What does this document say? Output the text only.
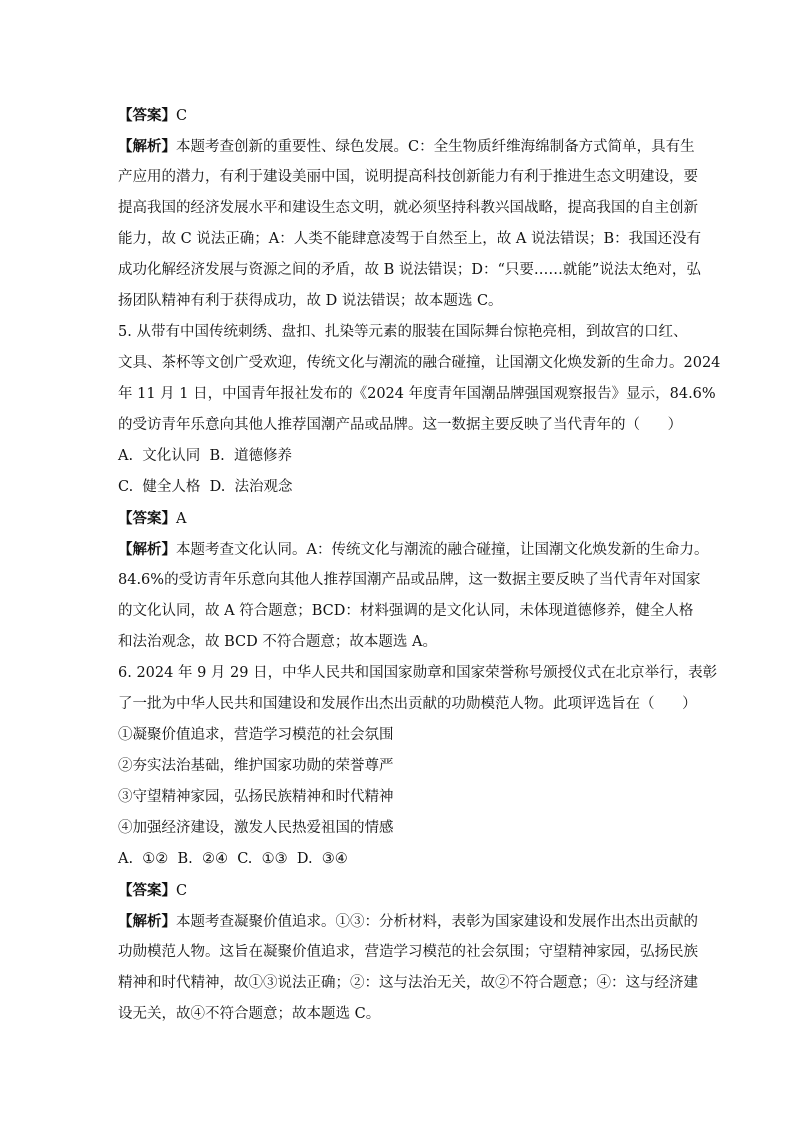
【答案】C
【解析】本题考查创新的重要性、绿色发展。C：全生物质纤维海绵制备方式简单，具有生
产应用的潜力，有利于建设美丽中国，说明提高科技创新能力有利于推进生态文明建设，要
提高我国的经济发展水平和建设生态文明，就必须坚持科教兴国战略，提高我国的自主创新
能力，故 C 说法正确；A：人类不能肆意凌驾于自然至上，故 A 说法错误；B：我国还没有
成功化解经济发展与资源之间的矛盾，故 B 说法错误；D：“只要……就能”说法太绝对，弘
扬团队精神有利于获得成功，故 D 说法错误；故本题选 C。
5. 从带有中国传统刺绣、盘扣、扎染等元素的服装在国际舞台惊艳亮相，到故宫的口红、
文具、茶杯等文创广受欢迎，传统文化与潮流的融合碰撞，让国潮文化焕发新的生命力。2024
年 11 月 1 日，中国青年报社发布的《2024 年度青年国潮品牌强国观察报告》显示，84.6%
的受访青年乐意向其他人推荐国潮产品或品牌。这一数据主要反映了当代青年的（      ）
A.  文化认同  B.  道德修养
C.  健全人格  D.  法治观念
【答案】A
【解析】本题考查文化认同。A：传统文化与潮流的融合碰撞，让国潮文化焕发新的生命力。
84.6%的受访青年乐意向其他人推荐国潮产品或品牌，这一数据主要反映了当代青年对国家
的文化认同，故 A 符合题意；BCD：材料强调的是文化认同，未体现道德修养，健全人格
和法治观念，故 BCD 不符合题意；故本题选 A。
6. 2024 年 9 月 29 日，中华人民共和国国家勋章和国家荣誉称号颁授仪式在北京举行，表彰
了一批为中华人民共和国建设和发展作出杰出贡献的功勋模范人物。此项评选旨在（      ）
①凝聚价值追求，营造学习模范的社会氛围
②夯实法治基础，维护国家功勋的荣誉尊严
③守望精神家园，弘扬民族精神和时代精神
④加强经济建设，激发人民热爱祖国的情感
A.  ①②  B.  ②④  C.  ①③  D.  ③④
【答案】C
【解析】本题考查凝聚价值追求。①③：分析材料，表彰为国家建设和发展作出杰出贡献的
功勋模范人物。这旨在凝聚价值追求，营造学习模范的社会氛围；守望精神家园，弘扬民族
精神和时代精神，故①③说法正确；②：这与法治无关，故②不符合题意；④：这与经济建
设无关，故④不符合题意；故本题选 C。
